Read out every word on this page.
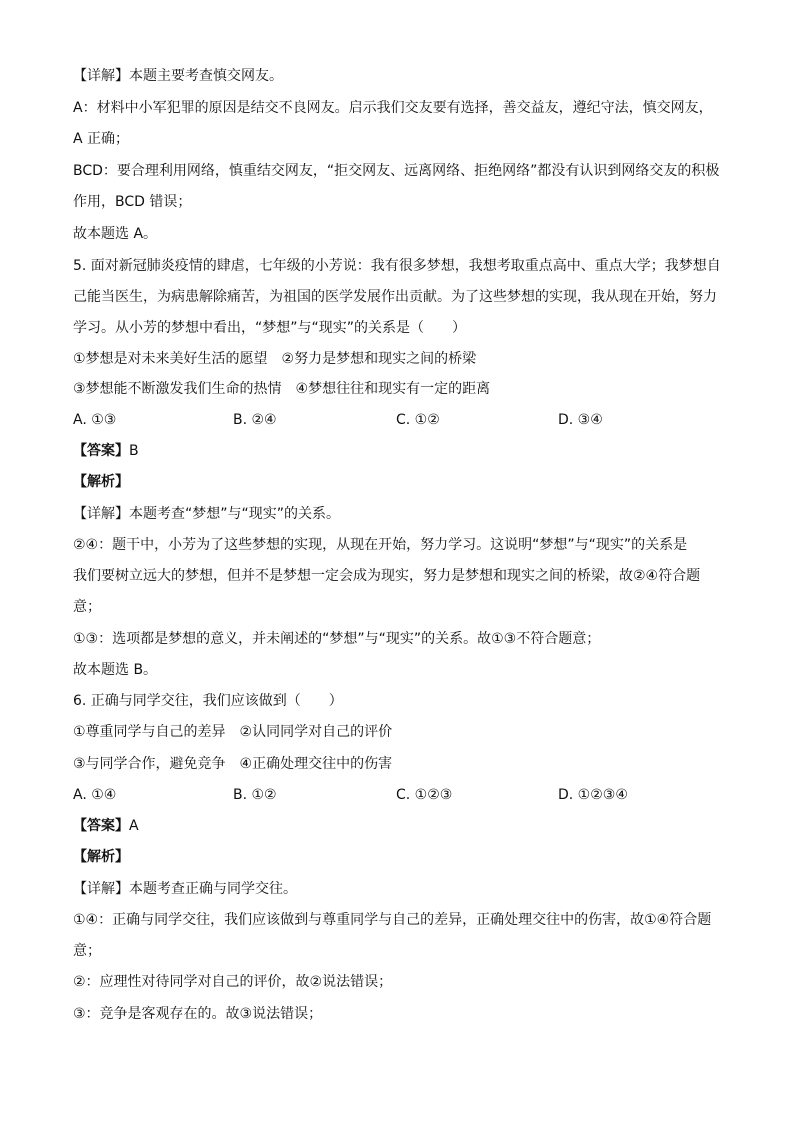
【详解】本题主要考查慎交网友。
A：材料中小军犯罪的原因是结交不良网友。启示我们交友要有选择，善交益友，遵纪守法，慎交网友，
A 正确；
BCD：要合理利用网络，慎重结交网友，“拒交网友、远离网络、拒绝网络”都没有认识到网络交友的积极
作用，BCD 错误；
故本题选 A。
5. 面对新冠肺炎疫情的肆虐，七年级的小芳说：我有很多梦想，我想考取重点高中、重点大学；我梦想自
己能当医生，为病患解除痛苦，为祖国的医学发展作出贡献。为了这些梦想的实现，我从现在开始，努力
学习。从小芳的梦想中看出，“梦想”与“现实”的关系是（　　）
①梦想是对未来美好生活的愿望　②努力是梦想和现实之间的桥梁
③梦想能不断激发我们生命的热情　④梦想往往和现实有一定的距离
A. ①③	B. ②④	C. ①②	D. ③④
【答案】B
【解析】
【详解】本题考查“梦想”与“现实”的关系。
②④：题干中，小芳为了这些梦想的实现，从现在开始，努力学习。这说明“梦想”与“现实”的关系是
我们要树立远大的梦想，但并不是梦想一定会成为现实，努力是梦想和现实之间的桥梁，故②④符合题
意；
①③：选项都是梦想的意义，并未阐述的“梦想”与“现实”的关系。故①③不符合题意；
故本题选 B。
6. 正确与同学交往，我们应该做到（　　）
①尊重同学与自己的差异　②认同同学对自己的评价
③与同学合作，避免竞争　④正确处理交往中的伤害
A. ①④	B. ①②	C. ①②③	D. ①②③④
【答案】A
【解析】
【详解】本题考查正确与同学交往。
①④：正确与同学交往，我们应该做到与尊重同学与自己的差异，正确处理交往中的伤害，故①④符合题
意；
②：应理性对待同学对自己的评价，故②说法错误；
③：竞争是客观存在的。故③说法错误；
